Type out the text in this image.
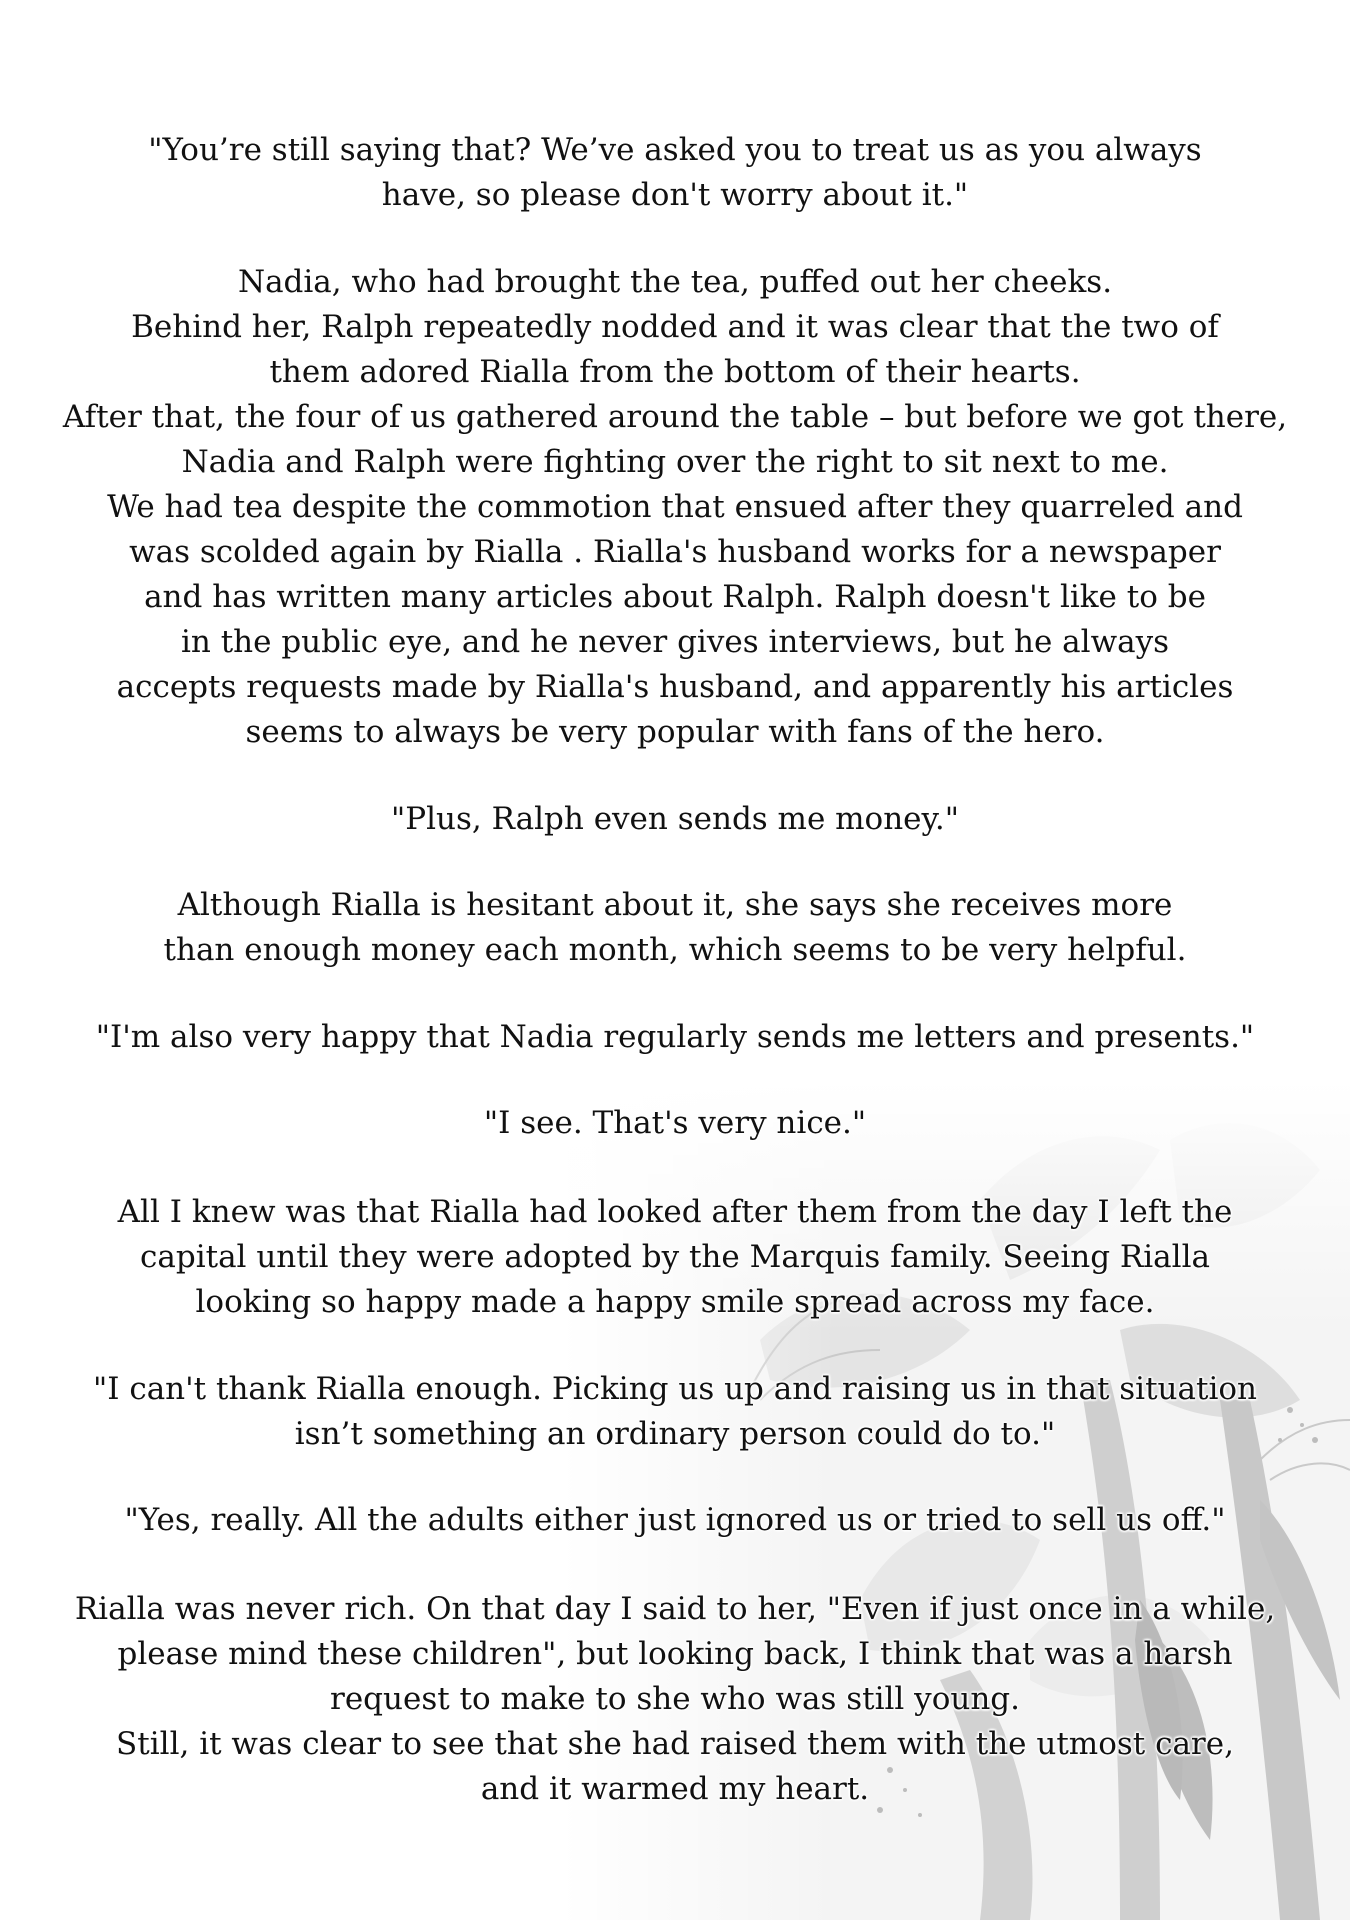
"You’re still saying that? We’ve asked you to treat us as you always
have, so please don't worry about it."
Nadia, who had brought the tea, puffed out her cheeks.
Behind her, Ralph repeatedly nodded and it was clear that the two of
them adored Rialla from the bottom of their hearts.
After that, the four of us gathered around the table – but before we got there,
Nadia and Ralph were fighting over the right to sit next to me.
We had tea despite the commotion that ensued after they quarreled and
was scolded again by Rialla . Rialla's husband works for a newspaper
and has written many articles about Ralph. Ralph doesn't like to be
in the public eye, and he never gives interviews, but he always
accepts requests made by Rialla's husband, and apparently his articles
seems to always be very popular with fans of the hero.
"Plus, Ralph even sends me money."
Although Rialla is hesitant about it, she says she receives more
than enough money each month, which seems to be very helpful.
"I'm also very happy that Nadia regularly sends me letters and presents."
"I see. That's very nice."
All I knew was that Rialla had looked after them from the day I left the
capital until they were adopted by the Marquis family. Seeing Rialla
looking so happy made a happy smile spread across my face.
"I can't thank Rialla enough. Picking us up and raising us in that situation
isn’t something an ordinary person could do to."
"Yes, really. All the adults either just ignored us or tried to sell us off."
Rialla was never rich. On that day I said to her, "Even if just once in a while,
please mind these children", but looking back, I think that was a harsh
request to make to she who was still young.
Still, it was clear to see that she had raised them with the utmost care,
and it warmed my heart.
